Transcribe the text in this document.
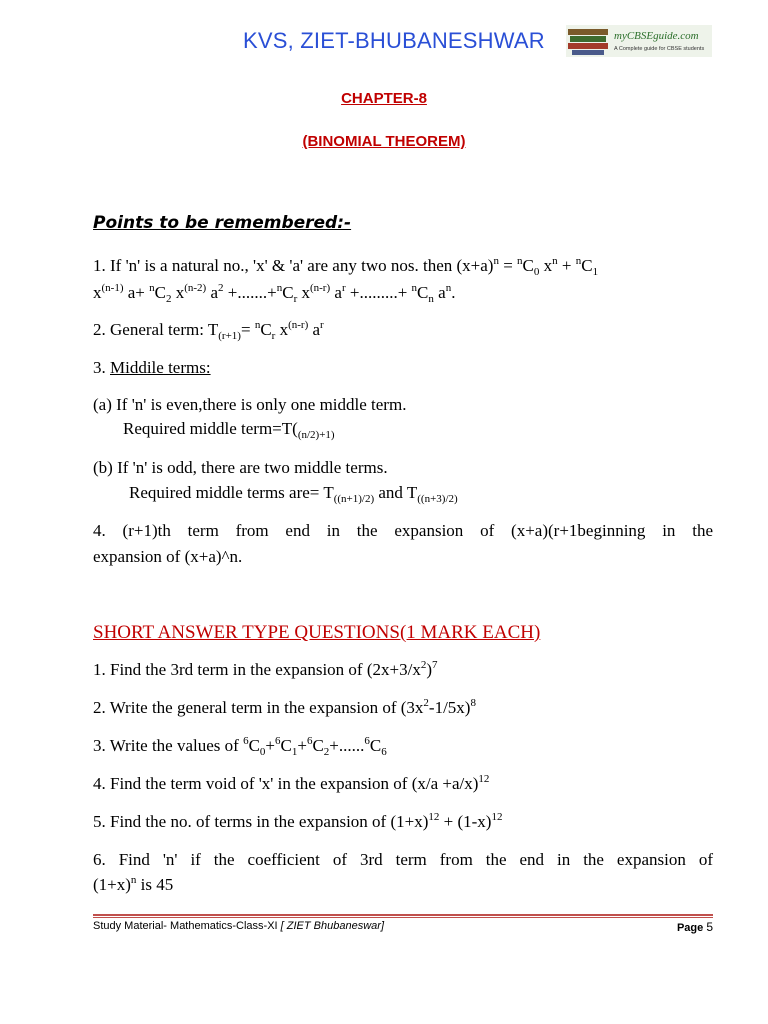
KVS, ZIET-BHUBANESHWAR	myCBSEguide.com
A Complete guide for CBSE students
CHAPTER-8
(BINOMIAL THEOREM)
Points to be remembered:-
1. If 'n' is a natural no., 'x' & 'a' are any two nos. then $(x+a)^n = ^nC_0$ $x^n + ^nC_1$
$x^{(n-1)}$ $a+ ^nC_2$ $x^{(n-2)}$ $a^2 +.......+^nC_r$ $x^{(n-r)}$ $a^r$ +.........+ $^nC_n$ $a^n$.
2. General term: $T_{(r+1)}= ^nC_r$ $x^{(n-r)}$ $a^r$
3. Middile terms:
(a) If 'n' is even,there is only one middle term.
Required middle $term=T(_{(n/2)+1)}$
(b) If 'n' is odd, there are two middle terms.
Required middle terms $are= T_{((n+1)/2)}$ and $T_{((n+3)/2)}$
4. (r+1)th term from end in the expansion of (x+a)(r+1beginning in the
expansion of (x+a)^n.
SHORT ANSWER TYPE QUESTIONS(1 MARK EACH)
1. Find the 3rd term in the expansion of $(2x+3/x^2)^7$
2. Write the general term in the expansion of $(3x^2-1/5x)^8$
3. Write the values of $^6C_0+^6C_1+^6C_2+......^6C_6$
4. Find the term void of 'x' in the expansion of $(x/a +a/x)^{12}$
5. Find the no. of terms in the expansion of $(1+x)^{12} + (1-x)^{12}$
6. Find 'n' if the coefficient of 3rd term from the end in the expansion of
$(1+x)^n$ is 45
Study Material- Mathematics-Class-XI [ ZIET Bhubaneswar]	Page 5
